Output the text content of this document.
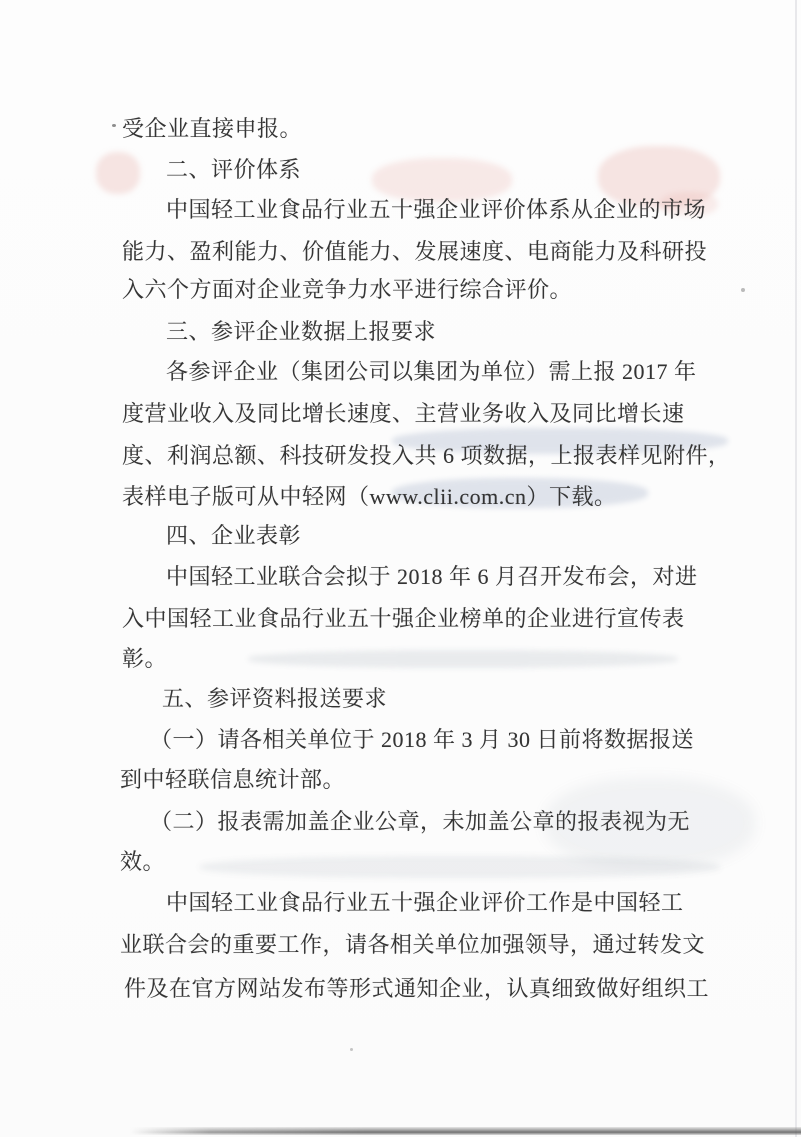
受企业直接申报。
二、评价体系
中国轻工业食品行业五十强企业评价体系从企业的市场
能力、盈利能力、价值能力、发展速度、电商能力及科研投
入六个方面对企业竞争力水平进行综合评价。
三、参评企业数据上报要求
各参评企业（集团公司以集团为单位）需上报 2017 年
度营业收入及同比增长速度、主营业务收入及同比增长速
度、利润总额、科技研发投入共 6 项数据，上报表样见附件，
表样电子版可从中轻网（www.clii.com.cn）下载。
四、企业表彰
中国轻工业联合会拟于 2018 年 6 月召开发布会，对进
入中国轻工业食品行业五十强企业榜单的企业进行宣传表
彰。
五、参评资料报送要求
（一）请各相关单位于 2018 年 3 月 30 日前将数据报送
到中轻联信息统计部。
（二）报表需加盖企业公章，未加盖公章的报表视为无
效。
中国轻工业食品行业五十强企业评价工作是中国轻工
业联合会的重要工作，请各相关单位加强领导，通过转发文
件及在官方网站发布等形式通知企业，认真细致做好组织工
